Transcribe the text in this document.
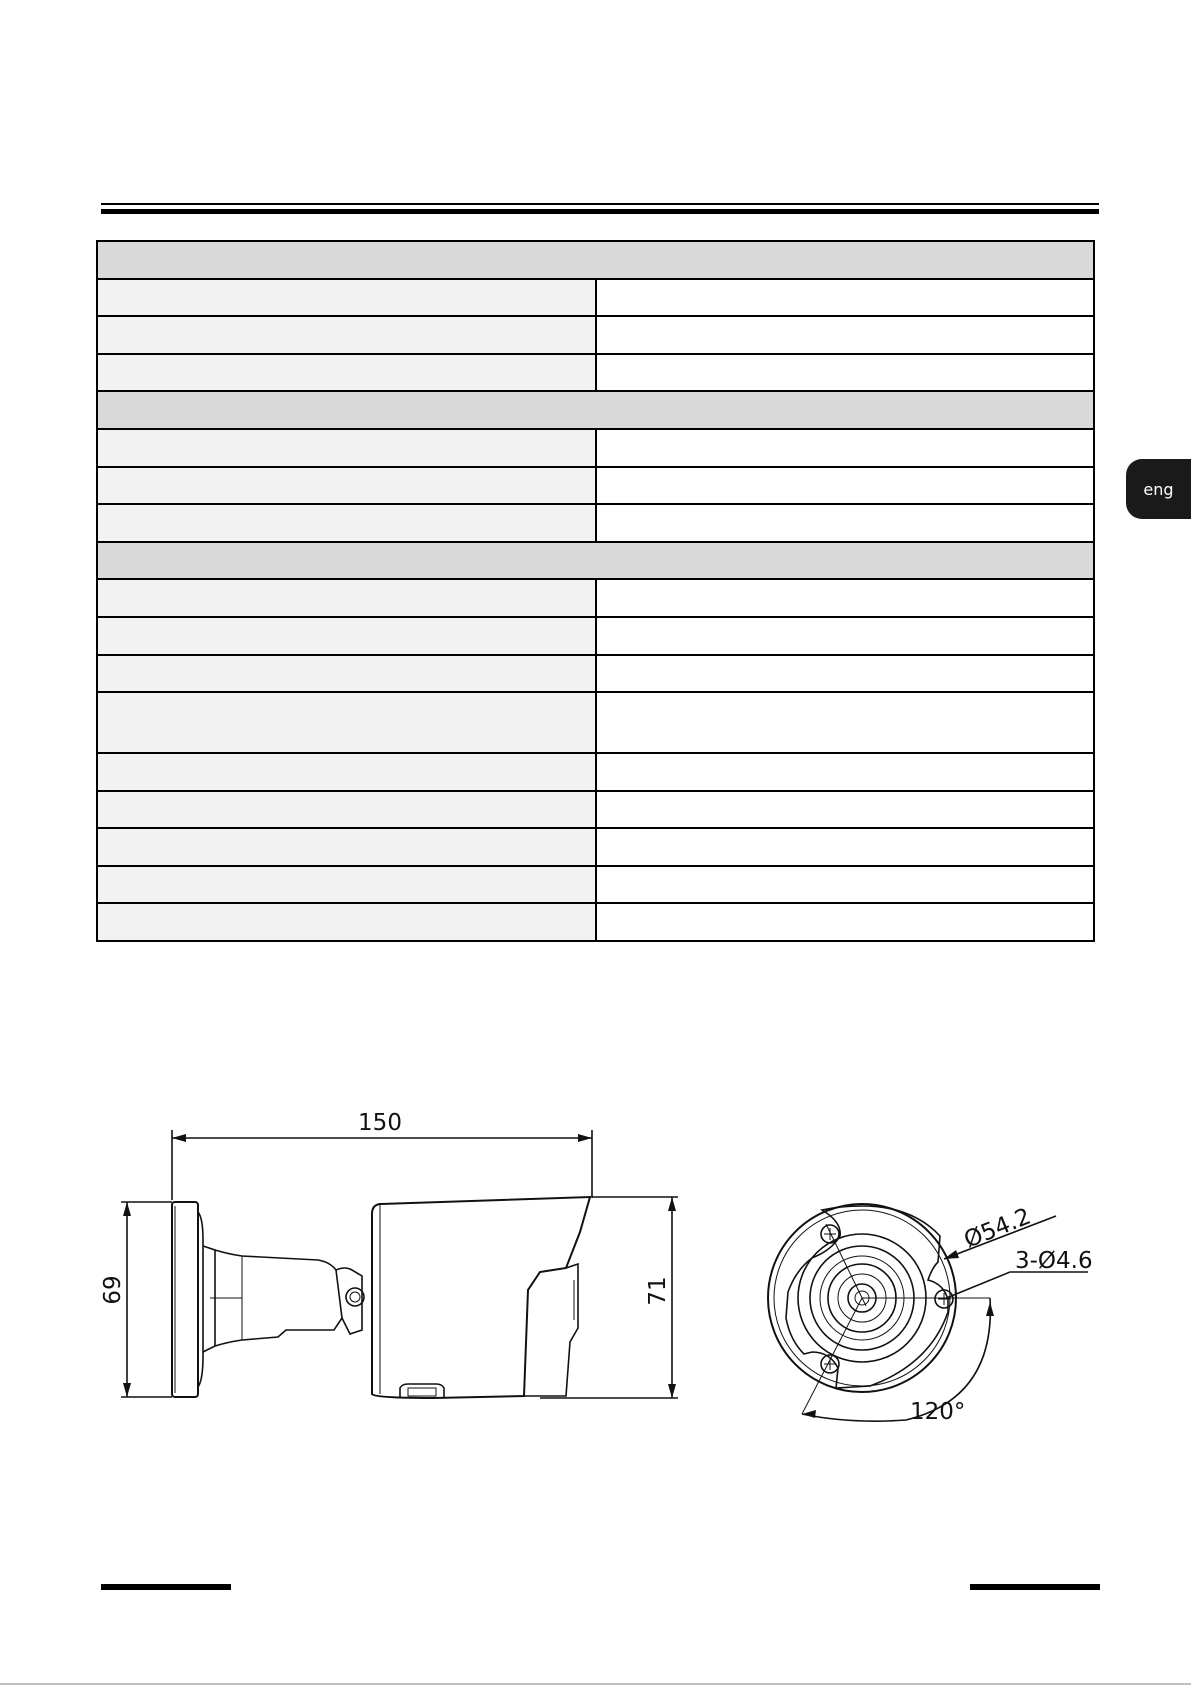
eng
150
69	71
Ø54.2
3-Ø4.6
120°
